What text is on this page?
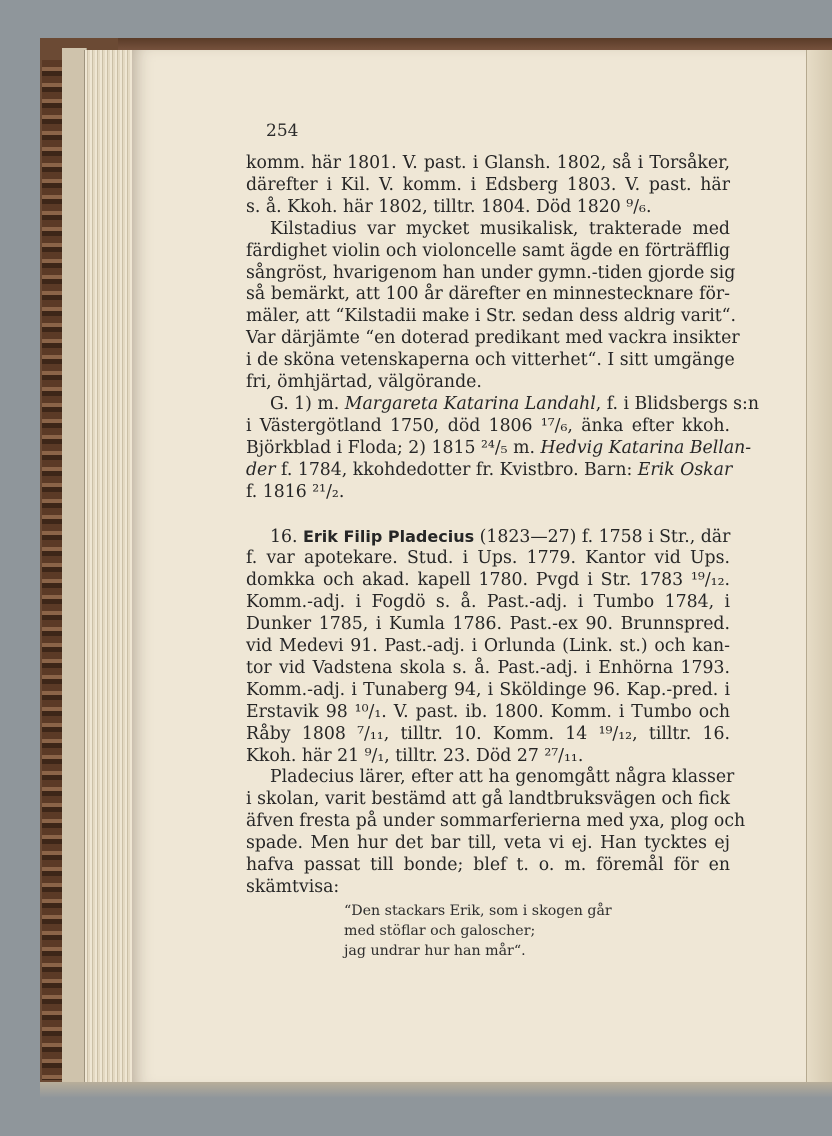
254
komm. här 1801. V. past. i Glansh. 1802, så i Torsåker,
därefter i Kil. V. komm. i Edsberg 1803. V. past. här
s. å. Kkoh. här 1802, tilltr. 1804. Död 1820 ⁹/₆.
Kilstadius var mycket musikalisk, trakterade med
färdighet violin och violoncelle samt ägde en förträfflig
sångröst, hvarigenom han under gymn.-tiden gjorde sig
så bemärkt, att 100 år därefter en minnestecknare för-
mäler, att “Kilstadii make i Str. sedan dess aldrig varit“.
Var därjämte “en doterad predikant med vackra insikter
i de sköna vetenskaperna och vitterhet“. I sitt umgänge
fri, ömhjärtad, välgörande.
G. 1) m. Margareta Katarina Landahl, f. i Blidsbergs s:n
i Västergötland 1750, död 1806 ¹⁷/₆, änka efter kkoh.
Björkblad i Floda; 2) 1815 ²⁴/₅ m. Hedvig Katarina Bellan-
der f. 1784, kkohdedotter fr. Kvistbro. Barn: Erik Oskar
f. 1816 ²¹/₂.
16. Erik Filip Pladecius (1823—27) f. 1758 i Str., där
f. var apotekare. Stud. i Ups. 1779. Kantor vid Ups.
domkka och akad. kapell 1780. Pvgd i Str. 1783 ¹⁹/₁₂.
Komm.-adj. i Fogdö s. å. Past.-adj. i Tumbo 1784, i
Dunker 1785, i Kumla 1786. Past.-ex 90. Brunnspred.
vid Medevi 91. Past.-adj. i Orlunda (Link. st.) och kan-
tor vid Vadstena skola s. å. Past.-adj. i Enhörna 1793.
Komm.-adj. i Tunaberg 94, i Sköldinge 96. Kap.-pred. i
Erstavik 98 ¹⁰/₁. V. past. ib. 1800. Komm. i Tumbo och
Råby 1808 ⁷/₁₁, tilltr. 10. Komm. 14 ¹⁹/₁₂, tilltr. 16.
Kkoh. här 21 ⁹/₁, tilltr. 23. Död 27 ²⁷/₁₁.
Pladecius lärer, efter att ha genomgått några klasser
i skolan, varit bestämd att gå landtbruksvägen och fick
äfven fresta på under sommarferierna med yxa, plog och
spade. Men hur det bar till, veta vi ej. Han tycktes ej
hafva passat till bonde; blef t. o. m. föremål för en
skämtvisa:
“Den stackars Erik, som i skogen går
med stöflar och galoscher;
jag undrar hur han mår“.
